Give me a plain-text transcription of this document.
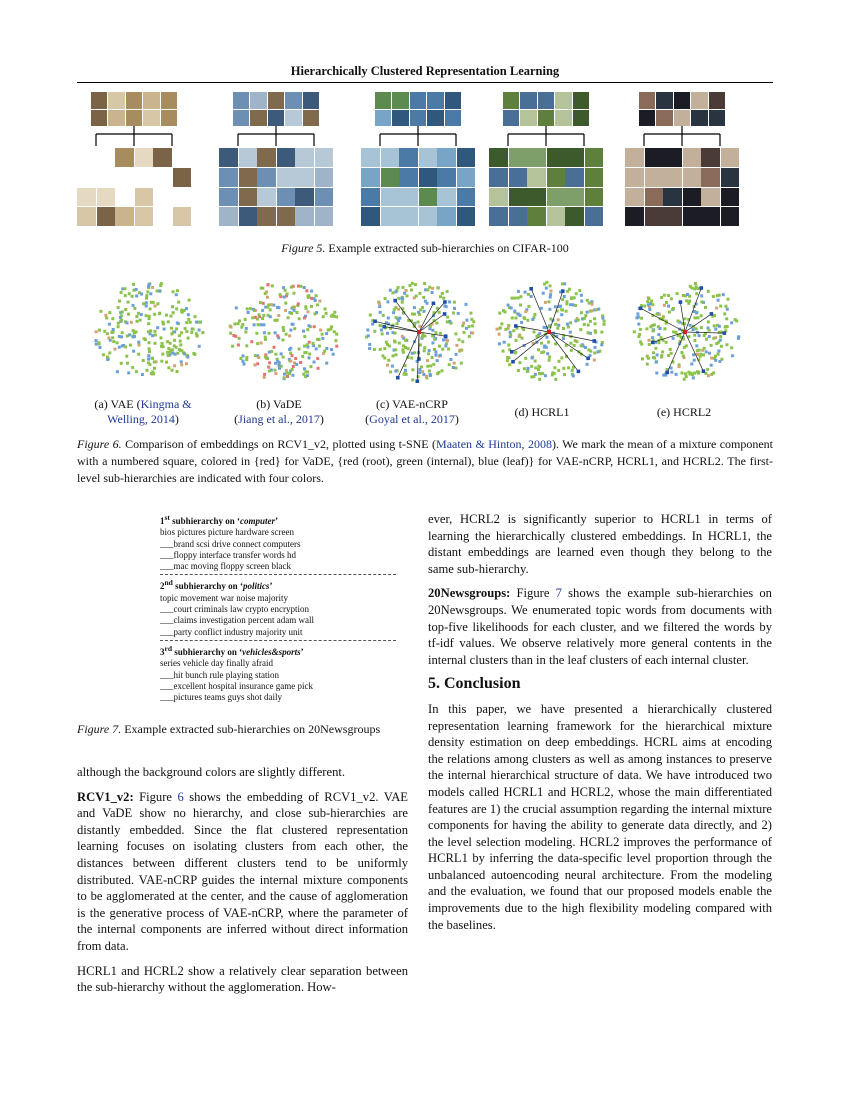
Hierarchically Clustered Representation Learning
Figure 5. Example extracted sub-hierarchies on CIFAR-100
(a) VAE (Kingma &
Welling, 2014)
(b) VaDE
(Jiang et al., 2017)
(c) VAE-nCRP
(Goyal et al., 2017)	(d) HCRL1	(e) HCRL2
Figure 6. Comparison of embeddings on RCV1_v2, plotted using t-SNE (Maaten & Hinton, 2008). We mark the mean of a mixture component with a numbered square, colored in {red} for VaDE, {red (root), green (internal), blue (leaf)} for VAE-nCRP, HCRL1, and HCRL2. The first-level sub-hierarchies are indicated with four colors.
1st subhierarchy on ‘computer’
bios pictures picture hardware screen
___brand scsi drive connect computers
___floppy interface transfer words hd
___mac moving floppy screen black
2nd subhierarchy on ‘politics’
topic movement war noise majority
___court criminals law crypto encryption
___claims investigation percent adam wall
___party conflict industry majority unit
3rd subhierarchy on ‘vehicles&sports’
series vehicle day finally afraid
___hit bunch rule playing station
___excellent hospital insurance game pick
___pictures teams guys shot daily
Figure 7. Example extracted sub-hierarchies on 20Newsgroups

although the background colors are slightly different.

RCV1_v2: Figure 6 shows the embedding of RCV1_v2. VAE and VaDE show no hierarchy, and close sub-hierarchies are distantly embedded. Since the flat clustered representation learning focuses on isolating clusters from each other, the distances between different clusters tend to be uniformly distributed. VAE-nCRP guides the internal mixture components to be agglomerated at the center, and the cause of agglomeration is the generative process of VAE-nCRP, where the parameter of the internal components are inferred without direct information from data.

HCRL1 and HCRL2 show a relatively clear separation between the sub-hierarchy without the agglomeration. How-

ever, HCRL2 is significantly superior to HCRL1 in terms of learning the hierarchically clustered embeddings. In HCRL1, the distant embeddings are learned even though they belong to the same sub-hierarchy.

20Newsgroups: Figure 7 shows the example sub-hierarchies on 20Newsgroups. We enumerated topic words from documents with top-five likelihoods for each cluster, and we filtered the words by tf-idf values. We observe relatively more general contents in the internal clusters than in the leaf clusters of each internal cluster.

5. Conclusion

In this paper, we have presented a hierarchically clustered representation learning framework for the hierarchical mixture density estimation on deep embeddings. HCRL aims at encoding the relations among clusters as well as among instances to preserve the internal hierarchical structure of data. We have introduced two models called HCRL1 and HCRL2, whose the main differentiated features are 1) the crucial assumption regarding the internal mixture components for having the ability to generate data directly, and 2) the level selection modeling. HCRL2 improves the performance of HCRL1 by inferring the data-specific level proportion through the unbalanced autoencoding neural architecture. From the modeling and the evaluation, we found that our proposed models enable the improvements due to the high flexibility modeling compared with the baselines.
